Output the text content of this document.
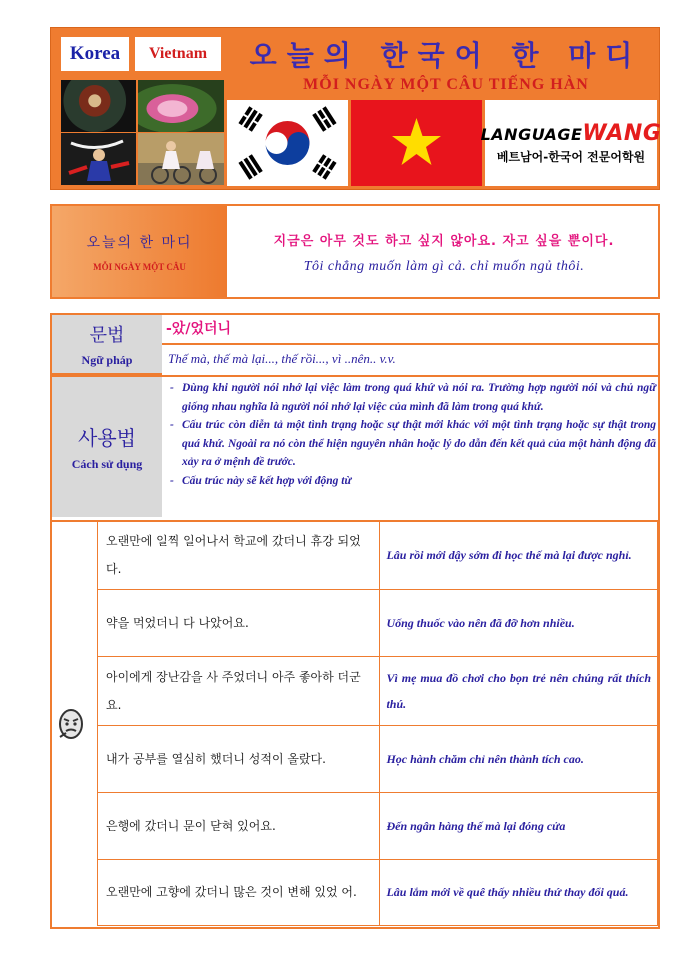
Korea	Vietnam	오늘의 한국어 한 마디
MỖI NGÀY MỘT CÂU TIẾNG HÀN
LANGUAGEWANG
베트남어-한국어 전문어학원
오늘의 한 마디
MỖI NGÀY MỘT CÂU
지금은 아무 것도 하고 싶지 않아요. 자고 싶을 뿐이다.
Tôi chẳng muốn làm gì cả. chỉ muốn ngủ thôi.
문법
Ngữ pháp
-았/었더니
Thế mà, thế mà lại..., thế rồi..., vì ..nên.. v.v.
사용법
Cách sử dụng
- Dùng khi người nói nhớ lại việc làm trong quá khứ và nói ra. Trường hợp người nói và chủ ngữ giống nhau nghĩa là người nói nhớ lại việc của mình đã làm trong quá khứ.
- Cấu trúc còn diễn tả một tình trạng hoặc sự thật mới khác với một tình trạng hoặc sự thật trong quá khứ. Ngoài ra nó còn thể hiện nguyên nhân hoặc lý do dẫn đến kết quả của một hành động đã xảy ra ở mệnh đề trước.
- Cấu trúc này sẽ kết hợp với động từ
오랜만에 일찍 일어나서 학교에 갔더니 휴강 되었다.	Lâu rồi mới dậy sớm đi học thế mà lại được nghỉ.
약을 먹었더니 다 나았어요.	Uống thuốc vào nên đã đỡ hơn nhiều.
아이에게 장난감을 사 주었더니 아주 좋아하 더군요.	Vì mẹ mua đồ chơi cho bọn trẻ nên chúng rất thích thú.
내가 공부를 열심히 했더니 성적이 올랐다.	Học hành chăm chỉ nên thành tích cao.
은행에 갔더니 문이 닫혀 있어요.	Đến ngân hàng thế mà lại đóng cửa
오랜만에 고향에 갔더니 많은 것이 변해 있었 어.	Lâu lắm mới về quê thấy nhiều thứ thay đổi quá.
